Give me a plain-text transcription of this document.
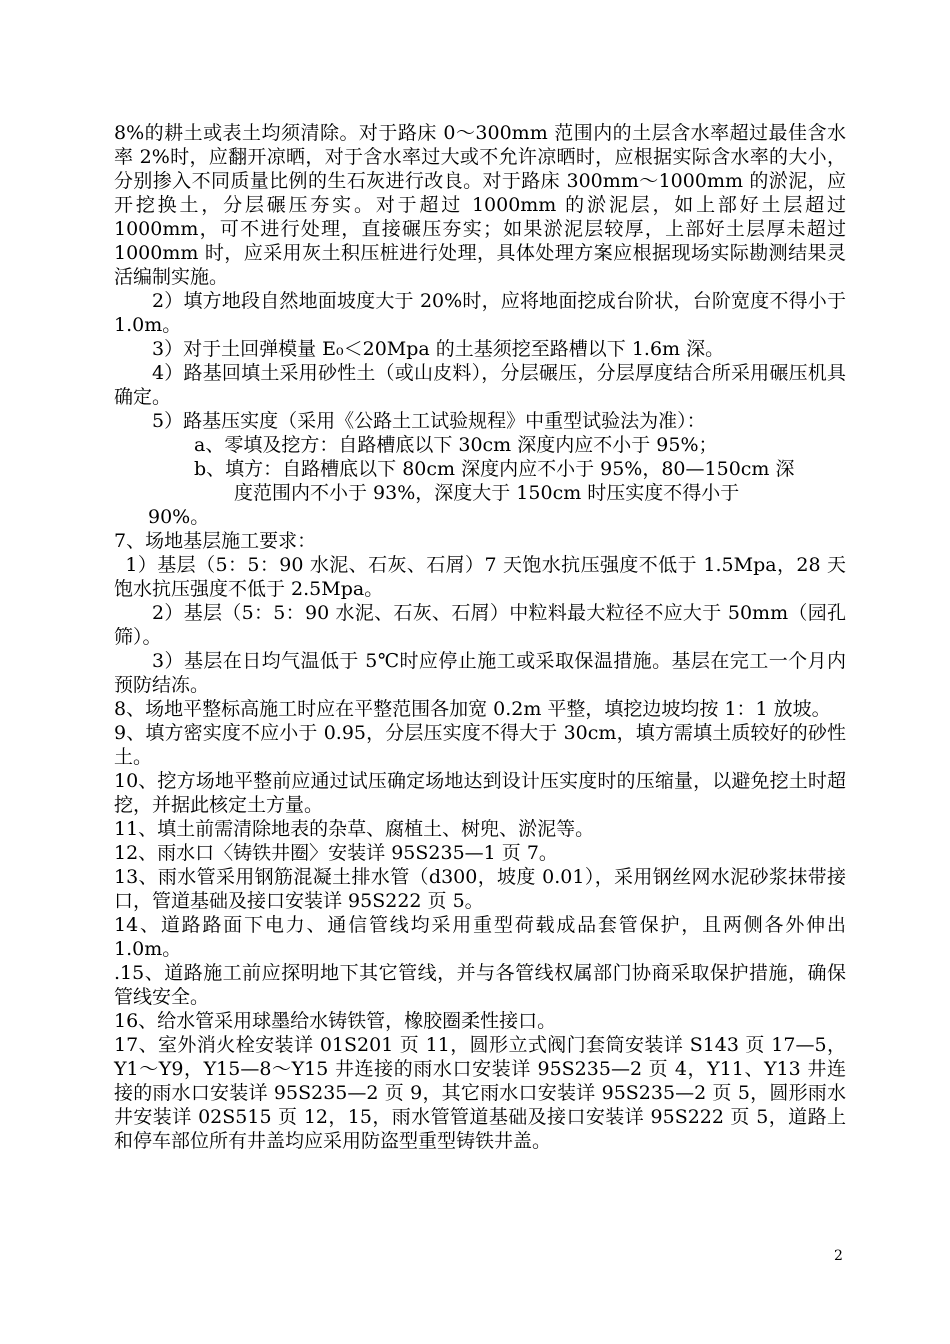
8%的耕土或表土均须清除。对于路床 0～300mm 范围内的土层含水率超过最佳含水率 2%时，应翻开凉晒，对于含水率过大或不允许凉晒时，应根据实际含水率的大小，分别掺入不同质量比例的生石灰进行改良。对于路床 300mm～1000mm 的淤泥，应开挖换土，分层碾压夯实。对于超过 1000mm 的淤泥层，如上部好土层超过 1000mm，可不进行处理，直接碾压夯实；如果淤泥层较厚，上部好土层厚未超过 1000mm 时，应采用灰土积压桩进行处理，具体处理方案应根据现场实际勘测结果灵活编制实施。

2）填方地段自然地面坡度大于 20%时，应将地面挖成台阶状，台阶宽度不得小于 1.0m。

3）对于土回弹模量 E₀＜20Mpa 的土基须挖至路槽以下 1.6m 深。

4）路基回填土采用砂性土（或山皮料），分层碾压，分层厚度结合所采用碾压机具确定。

5）路基压实度（采用《公路土工试验规程》中重型试验法为准）：

a、零填及挖方：自路槽底以下 30cm 深度内应不小于 95%；

b、填方：自路槽底以下 80cm 深度内应不小于 95%，80—150cm 深

度范围内不小于 93%，深度大于 150cm 时压实度不得小于

90%。

7、场地基层施工要求：

1）基层（5：5：90 水泥、石灰、石屑）7 天饱水抗压强度不低于 1.5Mpa，28 天饱水抗压强度不低于 2.5Mpa。

2）基层（5：5：90 水泥、石灰、石屑）中粒料最大粒径不应大于 50mm（园孔筛）。

3）基层在日均气温低于 5℃时应停止施工或采取保温措施。基层在完工一个月内预防结冻。

8、场地平整标高施工时应在平整范围各加宽 0.2m 平整，填挖边坡均按 1：1 放坡。

9、填方密实度不应小于 0.95，分层压实度不得大于 30cm，填方需填土质较好的砂性土。

10、挖方场地平整前应通过试压确定场地达到设计压实度时的压缩量，以避免挖土时超挖，并据此核定土方量。

11、填土前需清除地表的杂草、腐植土、树兜、淤泥等。

12、雨水口〈铸铁井圈〉安装详 95S235—1 页 7。

13、雨水管采用钢筋混凝土排水管（d300，坡度 0.01），采用钢丝网水泥砂浆抹带接口，管道基础及接口安装详 95S222 页 5。

14、道路路面下电力、通信管线均采用重型荷载成品套管保护，且两侧各外伸出 1.0m。

.15、道路施工前应探明地下其它管线，并与各管线权属部门协商采取保护措施，确保管线安全。

16、给水管采用球墨给水铸铁管，橡胶圈柔性接口。

17、室外消火栓安装详 01S201 页 11，圆形立式阀门套筒安装详 S143 页 17—5，Y1～Y9，Y15—8～Y15 井连接的雨水口安装详 95S235—2 页 4，Y11、Y13 井连接的雨水口安装详 95S235—2 页 9，其它雨水口安装详 95S235—2 页 5，圆形雨水井安装详 02S515 页 12，15，雨水管管道基础及接口安装详 95S222 页 5，道路上和停车部位所有井盖均应采用防盗型重型铸铁井盖。

2
